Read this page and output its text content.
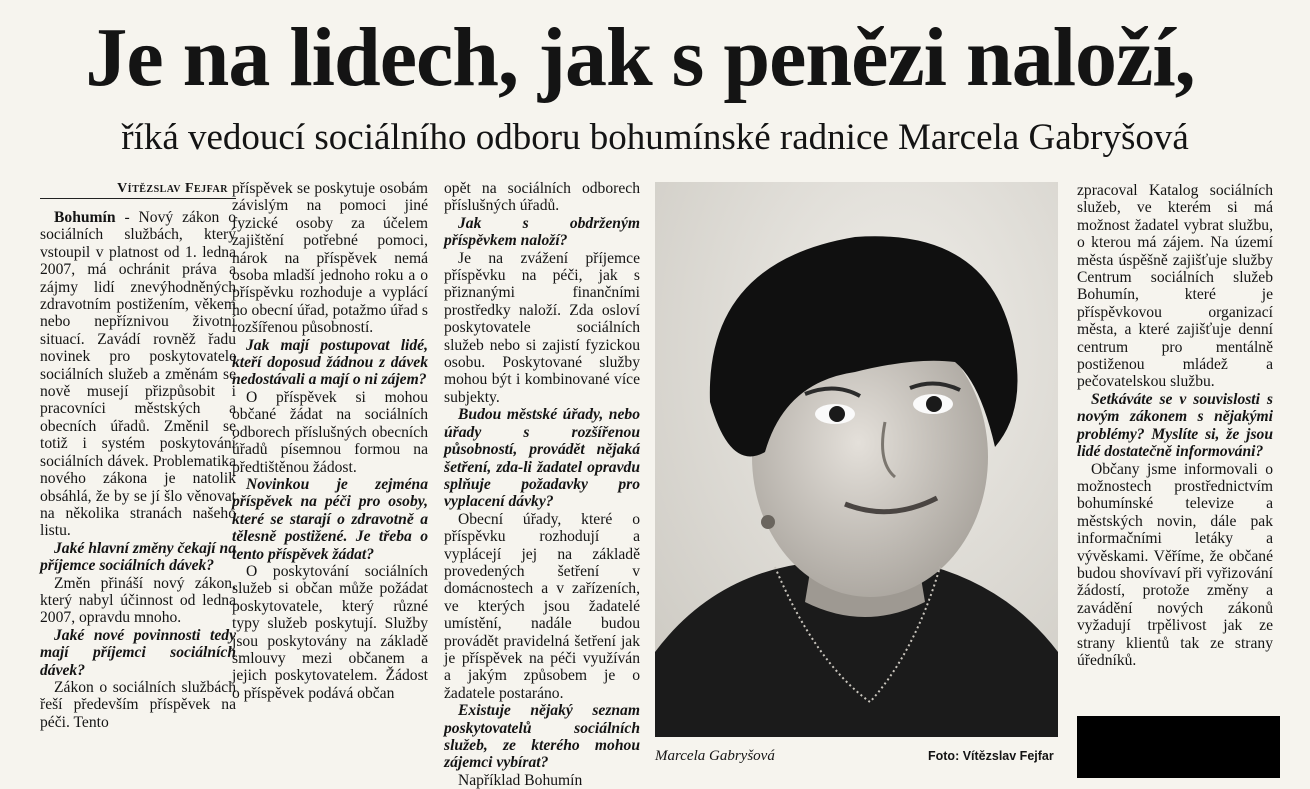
Je na lidech, jak s penězi naloží,
říká vedoucí sociálního odboru bohumínské radnice Marcela Gabryšová
Vítězslav Fejfar

Bohumín - Nový zákon o sociálních službách, který vstoupil v platnost od 1. ledna 2007, má ochránit práva a zájmy lidí znevýhodněných zdravotním postižením, věkem nebo nepříznivou životní situací. Zavádí rovněž řadu novinek pro poskytovatele sociálních služeb a změnám se nově musejí přizpůsobit i pracovníci městských a obecních úřadů. Změnil se totiž i systém poskytování sociálních dávek. Problematika nového zákona je natolik obsáhlá, že by se jí šlo věnovat na několika stranách našeho listu.

Jaké hlavní změny čekají na příjemce sociálních dávek?

Změn přináší nový zákon, který nabyl účinnost od ledna 2007, opravdu mnoho.

Jaké nové povinnosti tedy mají příjemci sociálních dávek?

Zákon o sociálních službách řeší především příspěvek na péči. Tento

příspěvek se poskytuje osobám závislým na pomoci jiné fyzické osoby za účelem zajištění potřebné pomoci, nárok na příspěvek nemá osoba mladší jednoho roku a o příspěvku rozhoduje a vyplácí ho obecní úřad, potažmo úřad s rozšířenou působností.

Jak mají postupovat lidé, kteří doposud žádnou z dávek nedostávali a mají o ni zájem?

O příspěvek si mohou občané žádat na sociálních odborech příslušných obecních úřadů písemnou formou na předtištěnou žádost.

Novinkou je zejména příspěvek na péči pro osoby, které se starají o zdravotně a tělesně postižené. Je třeba o tento příspěvek žádat?

O poskytování sociálních služeb si občan může požádat poskytovatele, který různé typy služeb poskytují. Služby jsou poskytovány na základě smlouvy mezi občanem a jejich poskytovatelem. Žádost o příspěvek podává občan

opět na sociálních odborech příslušných úřadů.

Jak s obdrženým příspěvkem naloží?

Je na zvážení příjemce příspěvku na péči, jak s přiznanými finančními prostředky naloží. Zda osloví poskytovatele sociálních služeb nebo si zajistí fyzickou osobu. Poskytované služby mohou být i kombinované více subjekty.

Budou městské úřady, nebo úřady s rozšířenou působností, provádět nějaká šetření, zda-li žadatel opravdu splňuje požadavky pro vyplacení dávky?

Obecní úřady, které o příspěvku rozhodují a vyplácejí jej na základě provedených šetření v domácnostech a v zařízeních, ve kterých jsou žadatelé umístění, nadále budou provádět pravidelná šetření jak je příspěvek na péči využíván a jakým způsobem je o žadatele postaráno.

Existuje nějaký seznam poskytovatelů sociálních služeb, ze kterého mohou zájemci vybírat?

Například Bohumín

zpracoval Katalog sociálních služeb, ve kterém si má možnost žadatel vybrat službu, o kterou má zájem. Na území města úspěšně zajišťuje služby Centrum sociálních služeb Bohumín, které je příspěvkovou organizací města, a které zajišťuje denní centrum pro mentálně postiženou mládež a pečovatelskou službu.

Setkáváte se v souvislosti s novým zákonem s nějakými problémy? Myslíte si, že jsou lidé dostatečně informováni?

Občany jsme informovali o možnostech prostřednictvím bohumínské televize a městských novin, dále pak informačními letáky a vývěskami. Věříme, že občané budou shovívaví při vyřizování žádostí, protože změny a zavádění nových zákonů vyžadují trpělivost jak ze strany klientů tak ze strany úředníků.

Marcela Gabryšová	Foto: Vítězslav Fejfar
